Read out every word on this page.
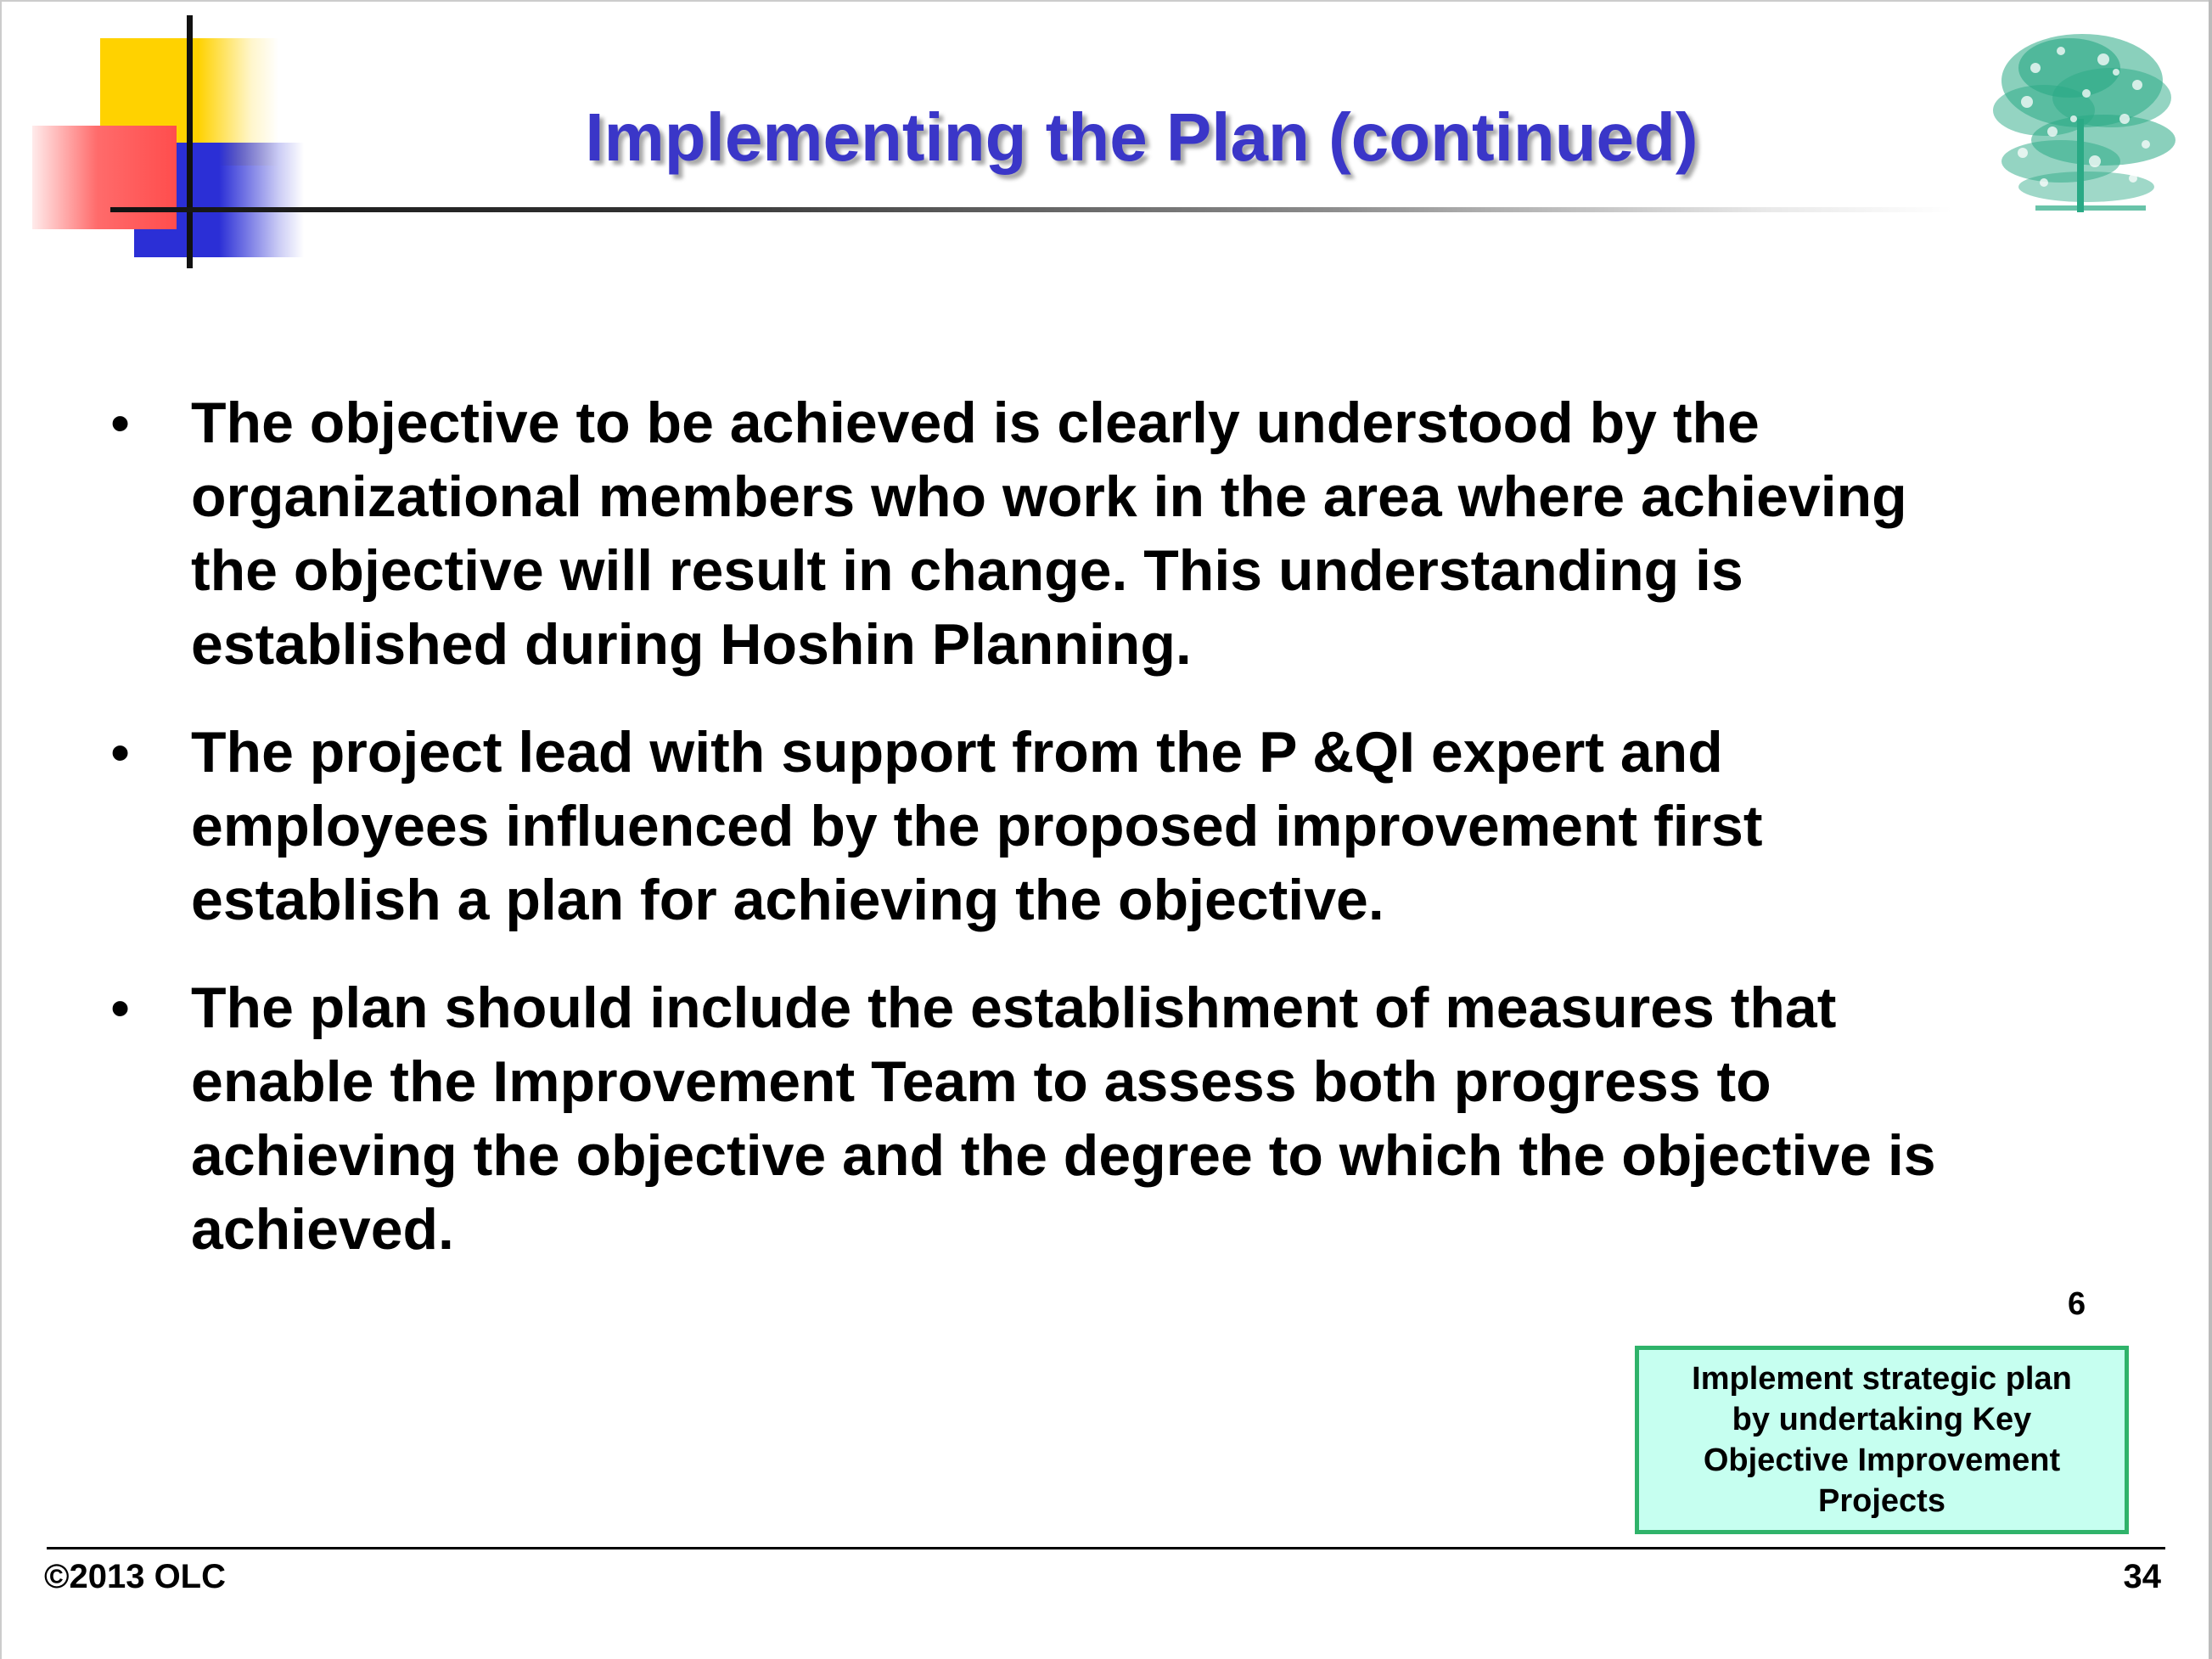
Implementing the Plan (continued)
• The objective to be achieved is clearly understood by the
organizational members who work in the area where achieving
the objective will result in change. This understanding is
established during Hoshin Planning.
• The project lead with support from the P &QI expert and
employees influenced by the proposed improvement first
establish a plan for achieving the objective.
• The plan should include the establishment of measures that
enable the Improvement Team to assess both progress to
achieving the objective and the degree to which the objective is
achieved.
6
Implement strategic plan
by undertaking Key
Objective Improvement
Projects
©2013 OLC	34
